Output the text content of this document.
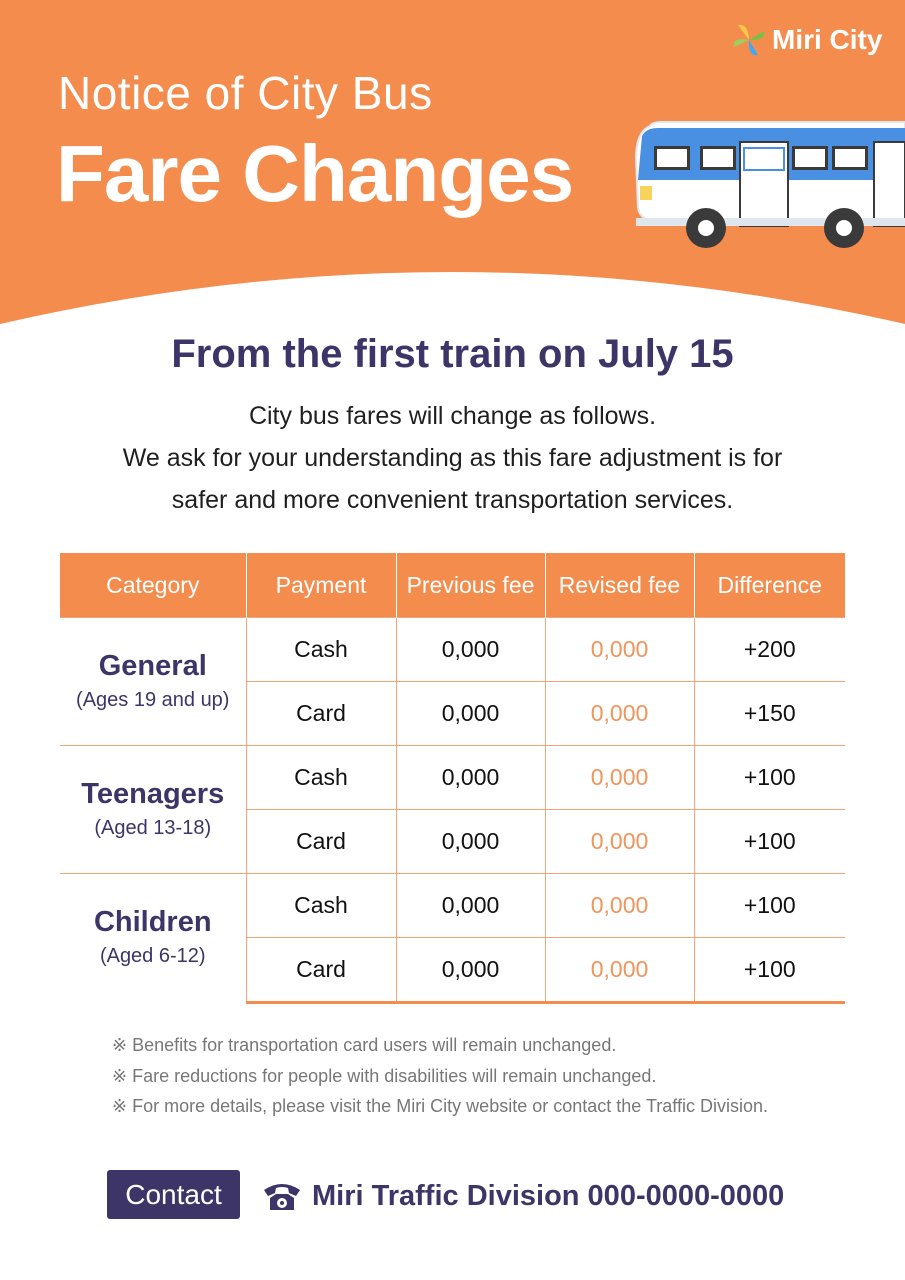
Miri City
Notice of City Bus
Fare Changes
From the first train on July 15
City bus fares will change as follows.
We ask for your understanding as this fare adjustment is for
safer and more convenient transportation services.
Category	Payment	Previous fee	Revised fee	Difference

General
(Ages 19 and up)	Cash	0,000	0,000	+200
	Card	0,000	0,000	+150

Teenagers
(Aged 13-18)	Cash	0,000	0,000	+100
	Card	0,000	0,000	+100

Children
(Aged 6-12)	Cash	0,000	0,000	+100
	Card	0,000	0,000	+100
※ Benefits for transportation card users will remain unchanged.
※ Fare reductions for people with disabilities will remain unchanged.
※ For more details, please visit the Miri City website or contact the Traffic Division.
Contact	Miri Traffic Division 000-0000-0000
